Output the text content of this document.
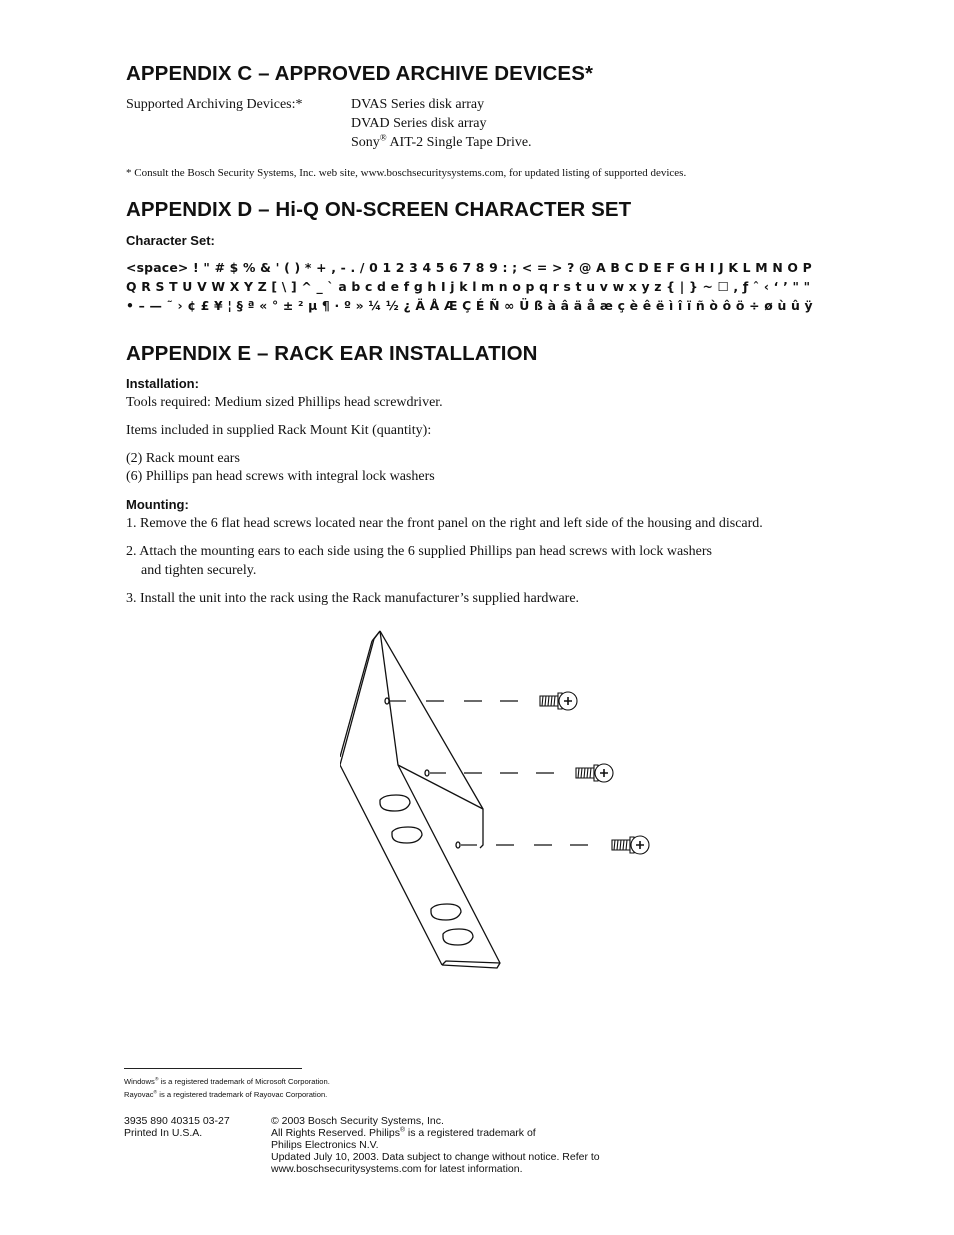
APPENDIX C – APPROVED ARCHIVE DEVICES*
Supported Archiving Devices:*	DVAS Series disk array
DVAD Series disk array
Sony® AIT-2 Single Tape Drive.
* Consult the Bosch Security Systems, Inc. web site, www.boschsecuritysystems.com, for updated listing of supported devices.
APPENDIX D – Hi-Q ON-SCREEN CHARACTER SET
Character Set:
<space> ! " # $ % & ' ( ) * + , - . / 0 1 2 3 4 5 6 7 8 9 : ; < = > ? @ A B C D E F G H I J K L M N O P
Q R S T U V W X Y Z [ \ ] ^ _ ` a b c d e f g h I j k l m n o p q r s t u v w x y z { | } ~ ☐ , ƒ ˆ ‹ ‘ ’ " "
• – — ˜ › ¢ £ ¥ ¦ § ª « ° ± ² µ ¶ · º » ¼ ½ ¿ Ä Å Æ Ç É Ñ ∞ Ü ß à â ä å æ ç è ê ë ì î ï ñ ò ô ö ÷ ø ù û ÿ
APPENDIX E – RACK EAR INSTALLATION
Installation:
Tools required: Medium sized Phillips head screwdriver.
Items included in supplied Rack Mount Kit (quantity):
(2) Rack mount ears
(6) Phillips pan head screws with integral lock washers
Mounting:
1. Remove the 6 flat head screws located near the front panel on the right and left side of the housing and discard.
2. Attach the mounting ears to each side using the 6 supplied Phillips pan head screws with lock washers
and tighten securely.
3. Install the unit into the rack using the Rack manufacturer’s supplied hardware.
Windows® is a registered trademark of Microsoft Corporation.
Rayovac® is a registered trademark of Rayovac Corporation.
3935 890 40315 03-27
Printed In U.S.A.
© 2003 Bosch Security Systems, Inc.
All Rights Reserved. Philips® is a registered trademark of
Philips Electronics N.V.
Updated July 10, 2003. Data subject to change without notice. Refer to
www.boschsecuritysystems.com for latest information.
